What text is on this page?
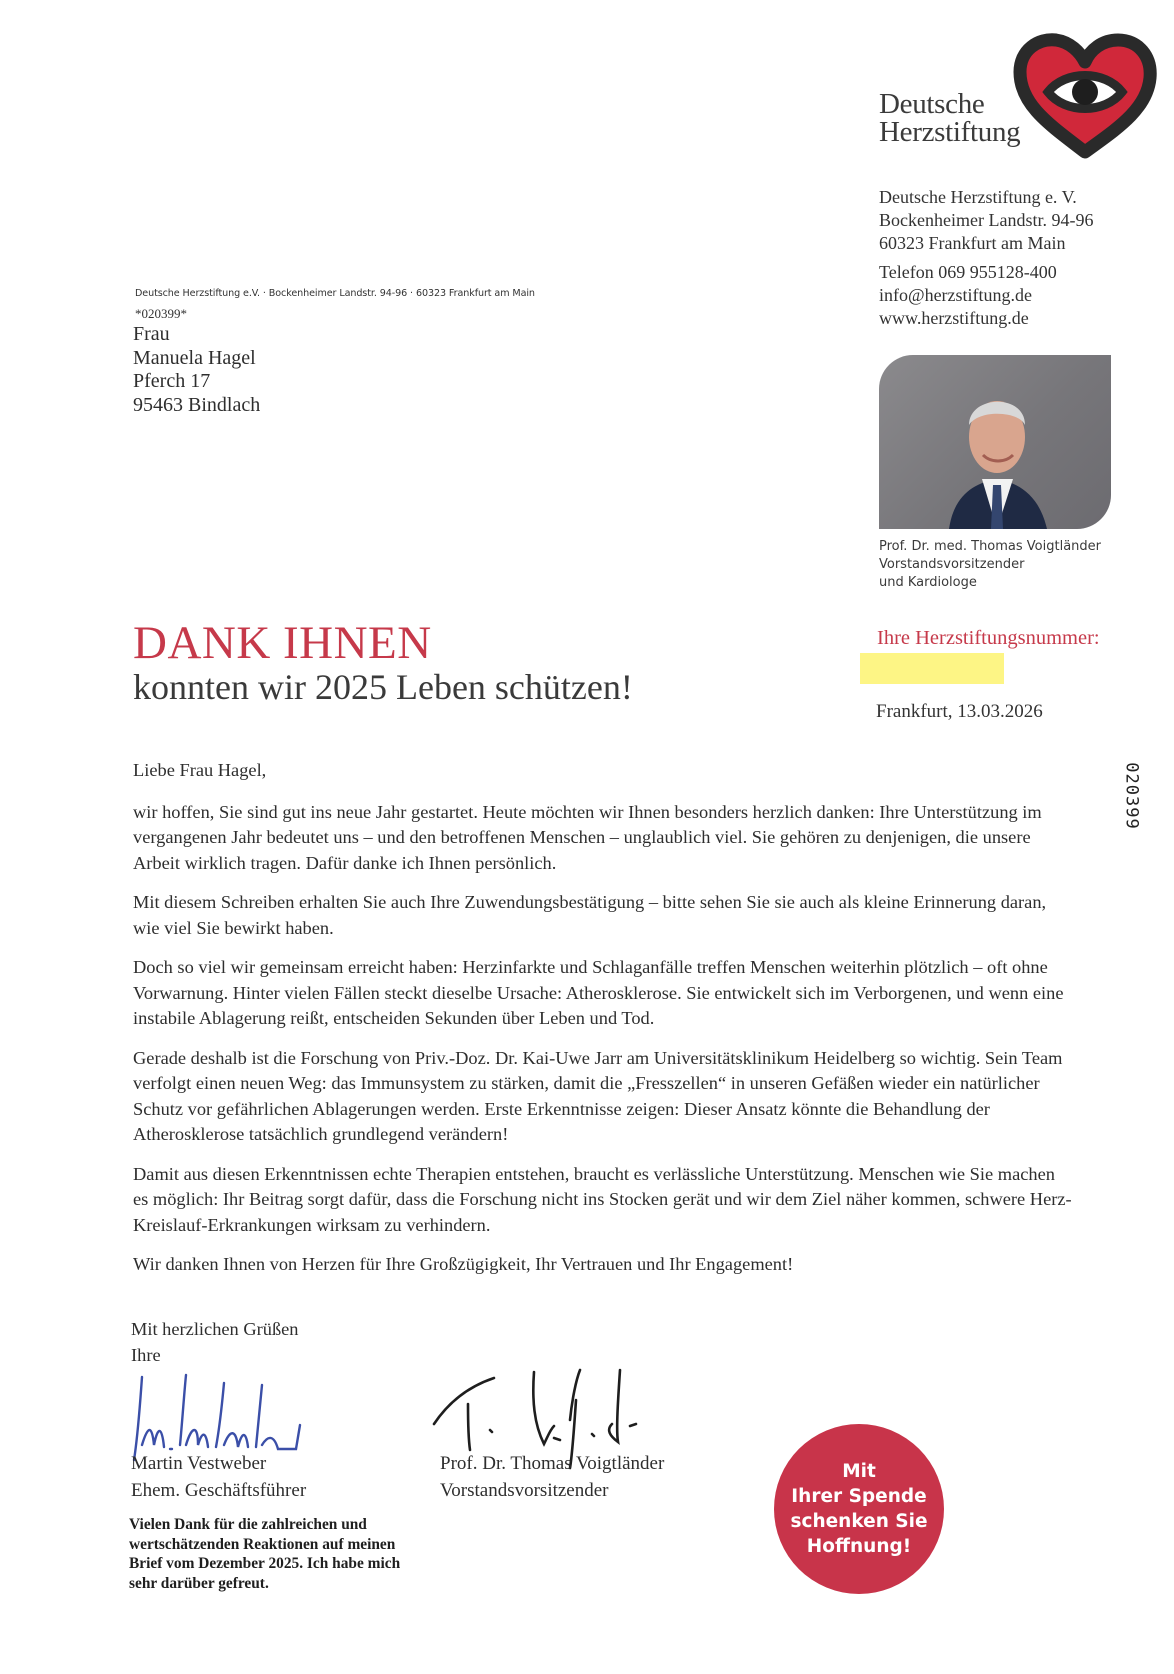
Deutsche
Herzstiftung
Deutsche Herzstiftung e. V.
Bockenheimer Landstr. 94-96
60323 Frankfurt am Main
Telefon 069 955128-400
info@herzstiftung.de
www.herzstiftung.de
Deutsche Herzstiftung e.V. · Bockenheimer Landstr. 94-96 · 60323 Frankfurt am Main
*020399*
Frau
Manuela Hagel
Pferch 17
95463 Bindlach
Prof. Dr. med. Thomas Voigtländer
Vorstandsvorsitzender
und Kardiologe
DANK IHNEN
konnten wir 2025 Leben schützen!
Ihre Herzstiftungsnummer:
Frankfurt, 13.03.2026
020399

Liebe Frau Hagel,

wir hoffen, Sie sind gut ins neue Jahr gestartet. Heute möchten wir Ihnen besonders herzlich danken: Ihre Unterstützung im vergangenen Jahr bedeutet uns – und den betroffenen Menschen – unglaublich viel. Sie gehören zu denjenigen, die unsere Arbeit wirklich tragen. Dafür danke ich Ihnen persönlich.

Mit diesem Schreiben erhalten Sie auch Ihre Zuwendungsbestätigung – bitte sehen Sie sie auch als kleine Erinnerung daran, wie viel Sie bewirkt haben.

Doch so viel wir gemeinsam erreicht haben: Herzinfarkte und Schlaganfälle treffen Menschen weiterhin plötzlich – oft ohne Vorwarnung. Hinter vielen Fällen steckt dieselbe Ursache: Atherosklerose. Sie entwickelt sich im Verborgenen, und wenn eine instabile Ablagerung reißt, entscheiden Sekunden über Leben und Tod.

Gerade deshalb ist die Forschung von Priv.-Doz. Dr. Kai-Uwe Jarr am Universitätsklinikum Heidelberg so wichtig. Sein Team verfolgt einen neuen Weg: das Immunsystem zu stärken, damit die „Fresszellen“ in unseren Gefäßen wieder ein natürlicher Schutz vor gefährlichen Ablagerungen werden. Erste Erkenntnisse zeigen: Dieser Ansatz könnte die Behandlung der Atherosklerose tatsächlich grundlegend verändern!

Damit aus diesen Erkenntnissen echte Therapien entstehen, braucht es verlässliche Unterstützung. Menschen wie Sie machen es möglich: Ihr Beitrag sorgt dafür, dass die Forschung nicht ins Stocken gerät und wir dem Ziel näher kommen, schwere Herz-Kreislauf-Erkrankungen wirksam zu verhindern.

Wir danken Ihnen von Herzen für Ihre Großzügigkeit, Ihr Vertrauen und Ihr Engagement!

Mit herzlichen Grüßen
Ihre
Martin Vestweber
Ehem. Geschäftsführer
Prof. Dr. Thomas Voigtländer
Vorstandsvorsitzender
Vielen Dank für die zahlreichen und wertschätzenden Reaktionen auf meinen Brief vom Dezember 2025. Ich habe mich sehr darüber gefreut.
Mit
Ihrer Spende
schenken Sie
Hoffnung!
